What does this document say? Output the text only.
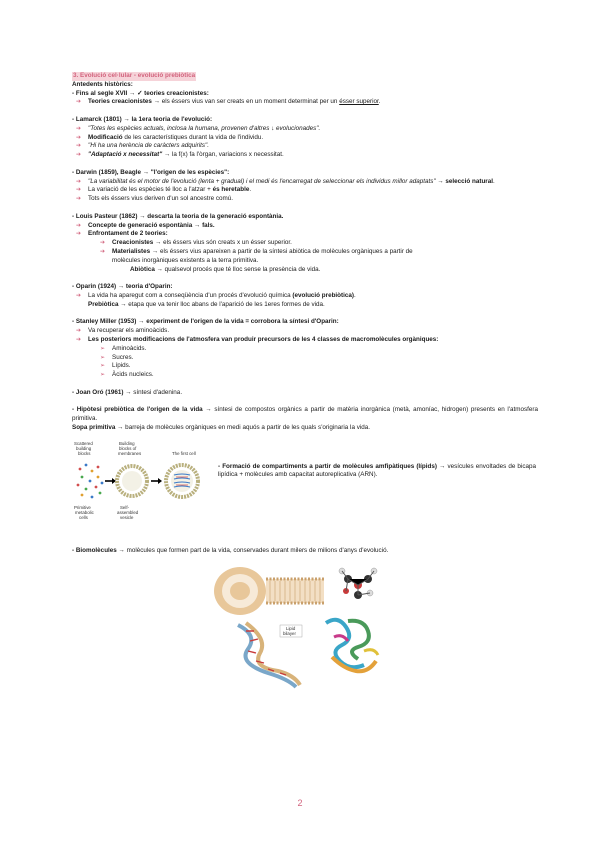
3. Evolució cel·lular - evolució prebiòtica
Antedents històrics:
- Fins al segle XVII → ✓ teories creacionistes:
➔ Teories creacionistes → els éssers vius van ser creats en un moment determinat per un ésser superior.
- Lamarck (1801) → la 1era teoria de l'evolució:
➔ "Totes les espècies actuals, inclosa la humana, provenen d'altres ↓ evolucionades".
➔ Modificació de les característiques durant la vida de l'individu.
➔ "Hi ha una herència de caràcters adquirits".
➔ "Adaptació x necessitat" → la f(x) fa l'òrgan, variacions x necessitat.
- Darwin (1859), Beagle → "l'origen de les espècies":
➔ "La variabilitat és el motor de l'evolució (lenta + gradual) i el medi és l'encarregat de seleccionar els individus millor adaptats" → selecció natural.
➔ La variació de les espècies té lloc a l'atzar + és heretable.
➔ Tots els éssers vius deriven d'un sol ancestre comú.
- Louis Pasteur (1862) → descarta la teoria de la generació espontània.
➔ Concepte de generació espontània → fals.
➔ Enfrontament de 2 teories:
➔ Creacionistes → els éssers vius són creats x un ésser superior.
➔ Materialistes → els éssers vius apareixen a partir de la síntesi abiòtica de molècules orgàniques a partir de
molècules inorgàniques existents a la terra primitiva.
Abiòtica → qualsevol procés que té lloc sense la presència de vida.
- Oparin (1924) → teoria d'Oparin:
➔ La vida ha aparegut com a conseqüència d'un procés d'evolució química (evolució prebiòtica).
Prebiòtica → etapa que va tenir lloc abans de l'aparició de les 1eres formes de vida.
- Stanley Miller (1953) → experiment de l'origen de la vida = corrobora la síntesi d'Oparin:
➔ Va recuperar els aminoàcids.
➔ Les posteriors modificacions de l'atmosfera van produir precursors de les 4 classes de macromolècules orgàniques:
➢ Aminoàcids.
➢ Sucres.
➢ Lípids.
➢ Àcids nucleics.
- Joan Oró (1961) → síntesi d'adenina.
- Hipòtesi prebiòtica de l'origen de la vida → síntesi de compostos orgànics a partir de matèria inorgànica (metà, amoníac, hidrogen) presents en l'atmosfera primitiva.
Sopa primitiva → barreja de molècules orgàniques en medi aquós a partir de les quals s'originaria la vida.
Scattered
building
blocks
Building
blocks of
membranes	The first cell
Primitive
metabolic
cells
Self-
assembled
vesicle
- Formació de compartiments a partir de molècules amfipàtiques (lípids) → vesícules envoltades de bicapa lipídica + molècules amb capacitat autoreplicativa (ARN).
- Biomolècules → molècules que formen part de la vida, conservades durant milers de milions d'anys d'evolució.
Lipid
bilayer
2
